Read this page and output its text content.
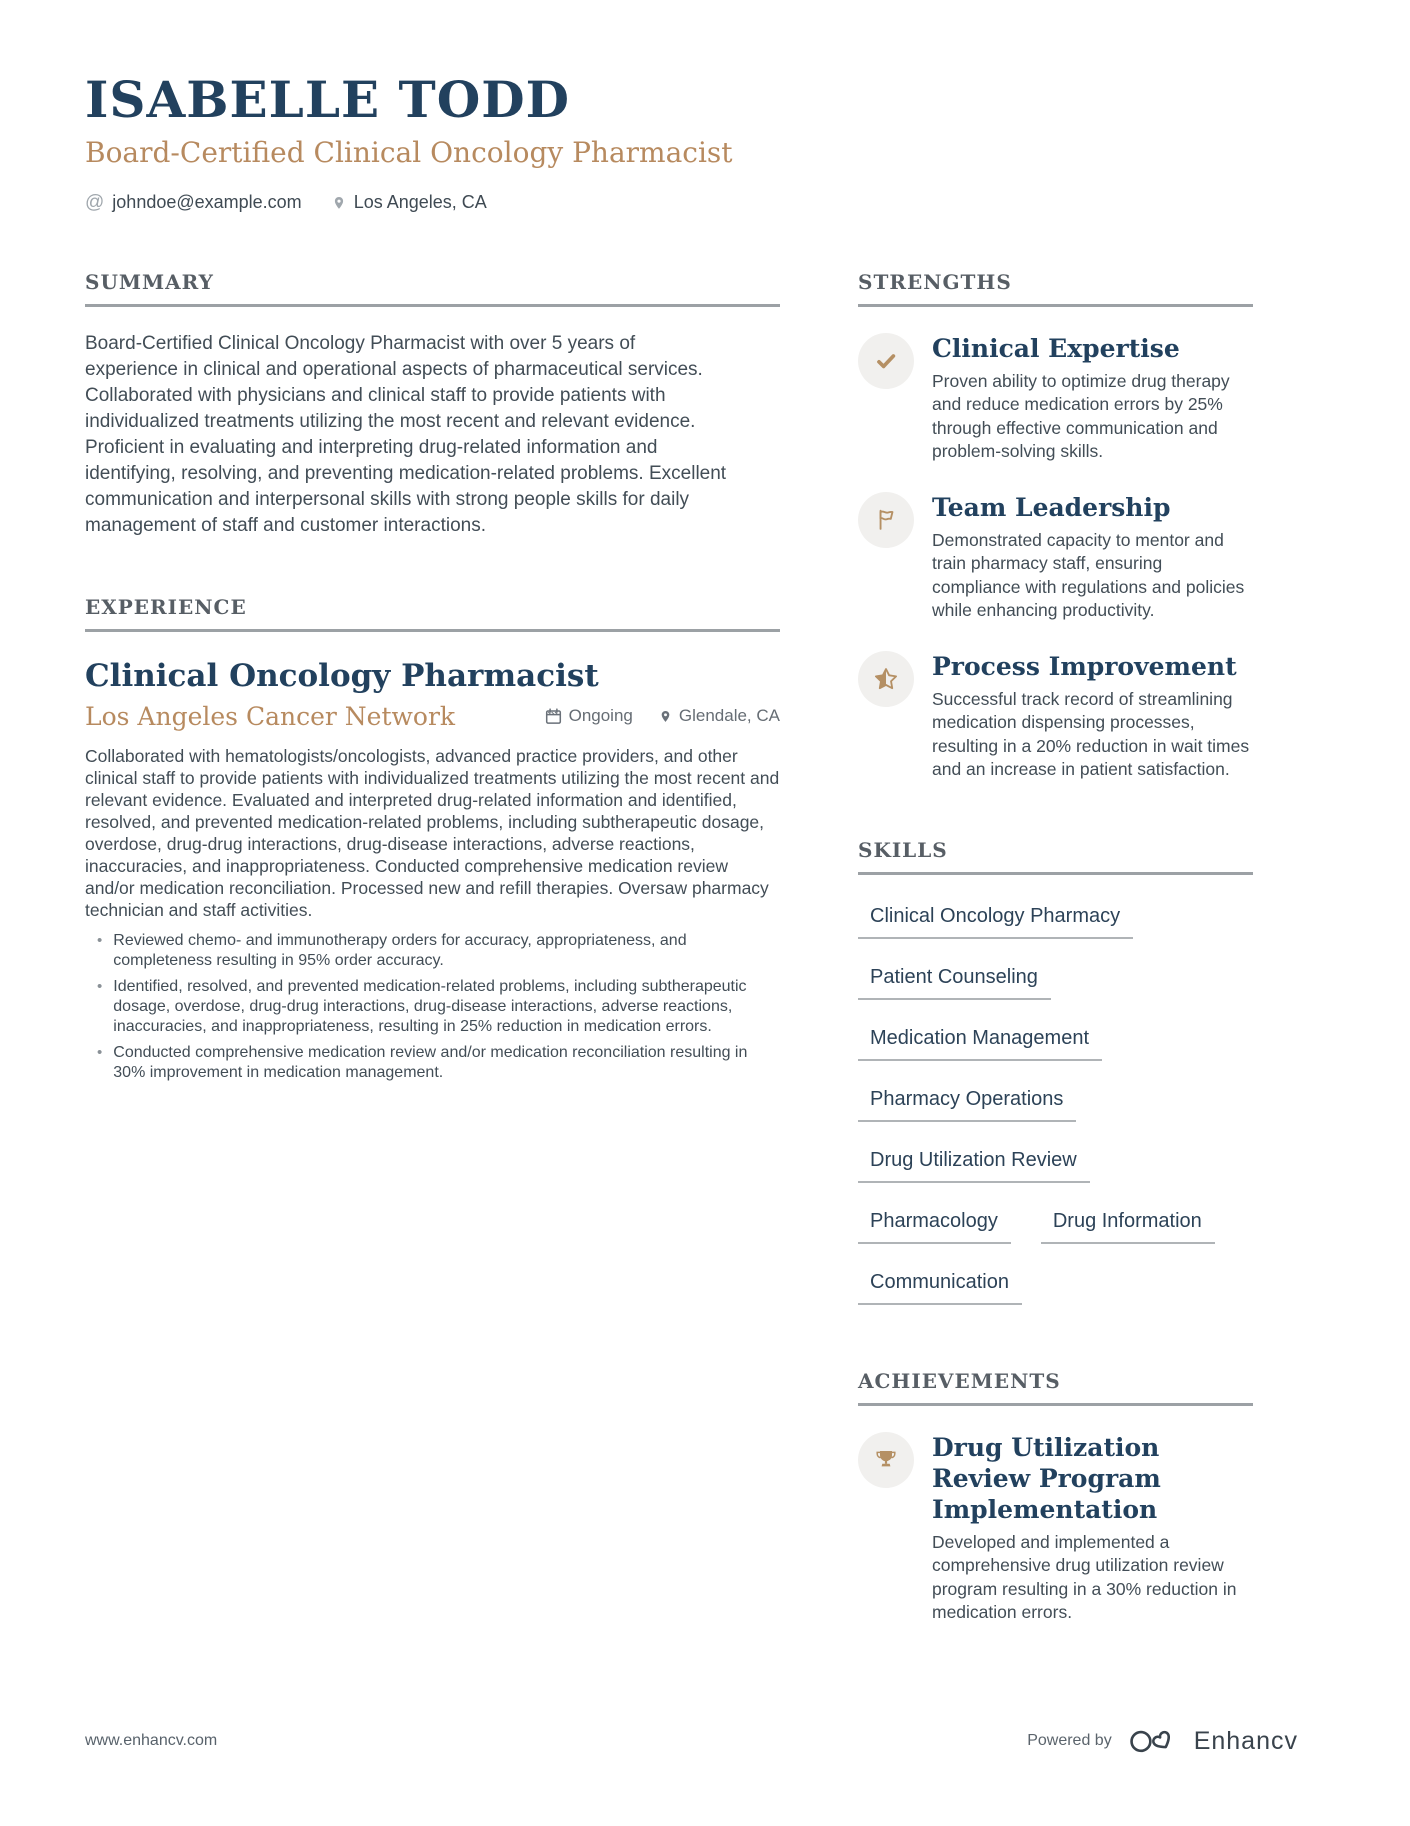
ISABELLE TODD
Board-Certified Clinical Oncology Pharmacist
@ johndoe@example.com	Los Angeles, CA
SUMMARY

Board-Certified Clinical Oncology Pharmacist with over 5 years of experience in clinical and operational aspects of pharmaceutical services. Collaborated with physicians and clinical staff to provide patients with individualized treatments utilizing the most recent and relevant evidence. Proficient in evaluating and interpreting drug-related information and identifying, resolving, and preventing medication-related problems. Excellent communication and interpersonal skills with strong people skills for daily management of staff and customer interactions.

EXPERIENCE
Clinical Oncology Pharmacist
Los Angeles Cancer Network	Ongoing	Glendale, CA

Collaborated with hematologists/oncologists, advanced practice providers, and other clinical staff to provide patients with individualized treatments utilizing the most recent and relevant evidence. Evaluated and interpreted drug-related information and identified, resolved, and prevented medication-related problems, including subtherapeutic dosage, overdose, drug-drug interactions, drug-disease interactions, adverse reactions, inaccuracies, and inappropriateness. Conducted comprehensive medication review and/or medication reconciliation. Processed new and refill therapies. Oversaw pharmacy technician and staff activities.

• Reviewed chemo- and immunotherapy orders for accuracy, appropriateness, and completeness resulting in 95% order accuracy.
• Identified, resolved, and prevented medication-related problems, including subtherapeutic dosage, overdose, drug-drug interactions, drug-disease interactions, adverse reactions, inaccuracies, and inappropriateness, resulting in 25% reduction in medication errors.
• Conducted comprehensive medication review and/or medication reconciliation resulting in 30% improvement in medication management.
STRENGTHS
Clinical Expertise
Proven ability to optimize drug therapy and reduce medication errors by 25% through effective communication and problem-solving skills.
Team Leadership
Demonstrated capacity to mentor and train pharmacy staff, ensuring compliance with regulations and policies while enhancing productivity.
Process Improvement
Successful track record of streamlining medication dispensing processes, resulting in a 20% reduction in wait times and an increase in patient satisfaction.
SKILLS
Clinical Oncology Pharmacy
Patient Counseling
Medication Management
Pharmacy Operations
Drug Utilization Review
Pharmacology	Drug Information
Communication
ACHIEVEMENTS
Drug Utilization Review Program Implementation
Developed and implemented a comprehensive drug utilization review program resulting in a 30% reduction in medication errors.
www.enhancv.com	Powered by	Enhancv
